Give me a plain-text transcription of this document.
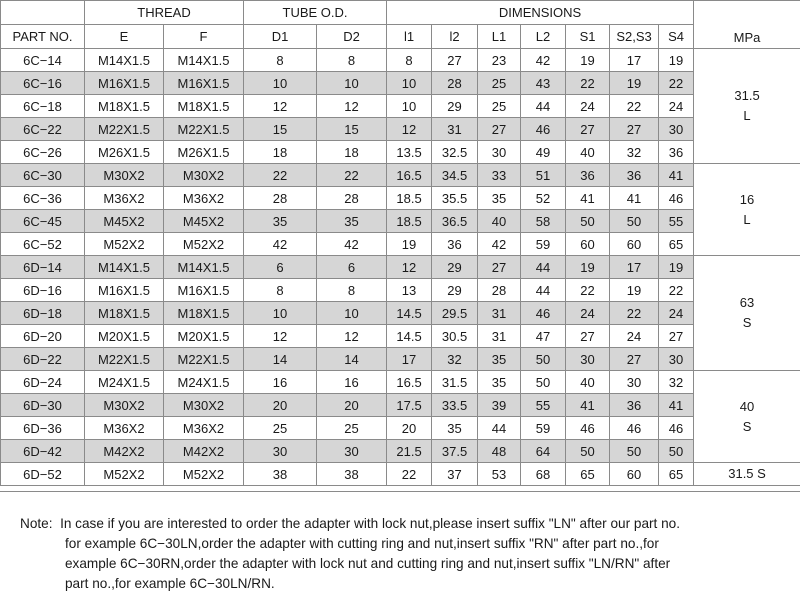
	THREAD		TUBE O.D.		DIMENSIONS							MPa
PART NO.	E	F	D1	D2	l1	l2	L1	L2	S1	S2,S3	S4	
6C−14	M14X1.5	M14X1.5	8	8	8	27	23	42	19	17	19	31.5
L

6C−16	M16X1.5	M16X1.5	10	10	10	28	25	43	22	19	22	
6C−18	M18X1.5	M18X1.5	12	12	10	29	25	44	24	22	24	
6C−22	M22X1.5	M22X1.5	15	15	12	31	27	46	27	27	30	
6C−26	M26X1.5	M26X1.5	18	18	13.5	32.5	30	49	40	32	36	
6C−30	M30X2	M30X2	22	22	16.5	34.5	33	51	36	36	41	16
L

6C−36	M36X2	M36X2	28	28	18.5	35.5	35	52	41	41	46	
6C−45	M45X2	M45X2	35	35	18.5	36.5	40	58	50	50	55	
6C−52	M52X2	M52X2	42	42	19	36	42	59	60	60	65	
6D−14	M14X1.5	M14X1.5	6	6	12	29	27	44	19	17	19	63
S

6D−16	M16X1.5	M16X1.5	8	8	13	29	28	44	22	19	22	
6D−18	M18X1.5	M18X1.5	10	10	14.5	29.5	31	46	24	22	24	
6D−20	M20X1.5	M20X1.5	12	12	14.5	30.5	31	47	27	24	27	
6D−22	M22X1.5	M22X1.5	14	14	17	32	35	50	30	27	30	
6D−24	M24X1.5	M24X1.5	16	16	16.5	31.5	35	50	40	30	32	40
S

6D−30	M30X2	M30X2	20	20	17.5	33.5	39	55	41	36	41	
6D−36	M36X2	M36X2	25	25	20	35	44	59	46	46	46	
6D−42	M42X2	M42X2	30	30	21.5	37.5	48	64	50	50	50	
6D−52	M52X2	M52X2	38	38	22	37	53	68	65	60	65	31.5 S
Note: In case if you are interested to order the adapter with lock nut,please insert suffix "LN" after our part no.
for example 6C−30LN,order the adapter with cutting ring and nut,insert suffix "RN" after part no.,for
example 6C−30RN,order the adapter with lock nut and cutting ring and nut,insert suffix "LN/RN" after
part no.,for example 6C−30LN/RN.
